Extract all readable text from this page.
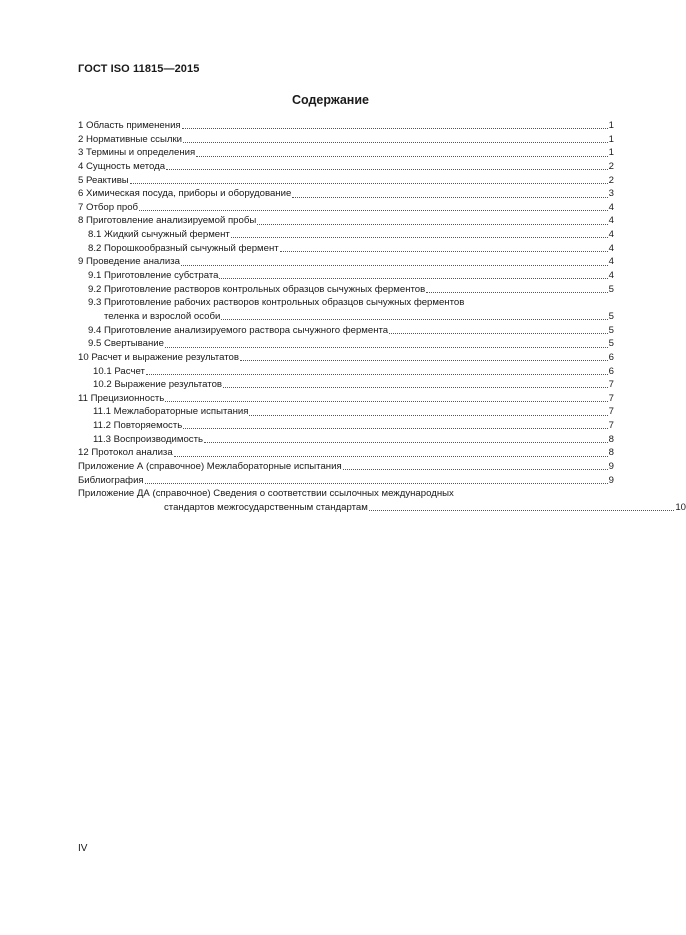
ГОСТ ISO 11815—2015
Содержание
1 Область применения	1
2 Нормативные ссылки	1
3 Термины и определения	1
4 Сущность метода	2
5 Реактивы	2
6 Химическая посуда, приборы и оборудование	3
7 Отбор проб	4
8 Приготовление анализируемой пробы	4
8.1 Жидкий сычужный фермент	4
8.2 Порошкообразный сычужный фермент	4
9 Проведение анализа	4
9.1 Приготовление субстрата	4
9.2 Приготовление растворов контрольных образцов сычужных ферментов	5
9.3 Приготовление рабочих растворов контрольных образцов сычужных ферментов
теленка и взрослой особи	5
9.4 Приготовление анализируемого раствора сычужного фермента	5
9.5 Свертывание	5
10 Расчет и выражение результатов	6
10.1 Расчет	6
10.2 Выражение результатов	7
11 Прецизионность	7
11.1 Межлабораторные испытания	7
11.2 Повторяемость	7
11.3 Воспроизводимость	8
12 Протокол анализа	8
Приложение А (справочное) Межлабораторные испытания	9
Библиография	9
Приложение ДА (справочное) Сведения о соответствии ссылочных международных
стандартов межгосударственным стандартам	10
IV
